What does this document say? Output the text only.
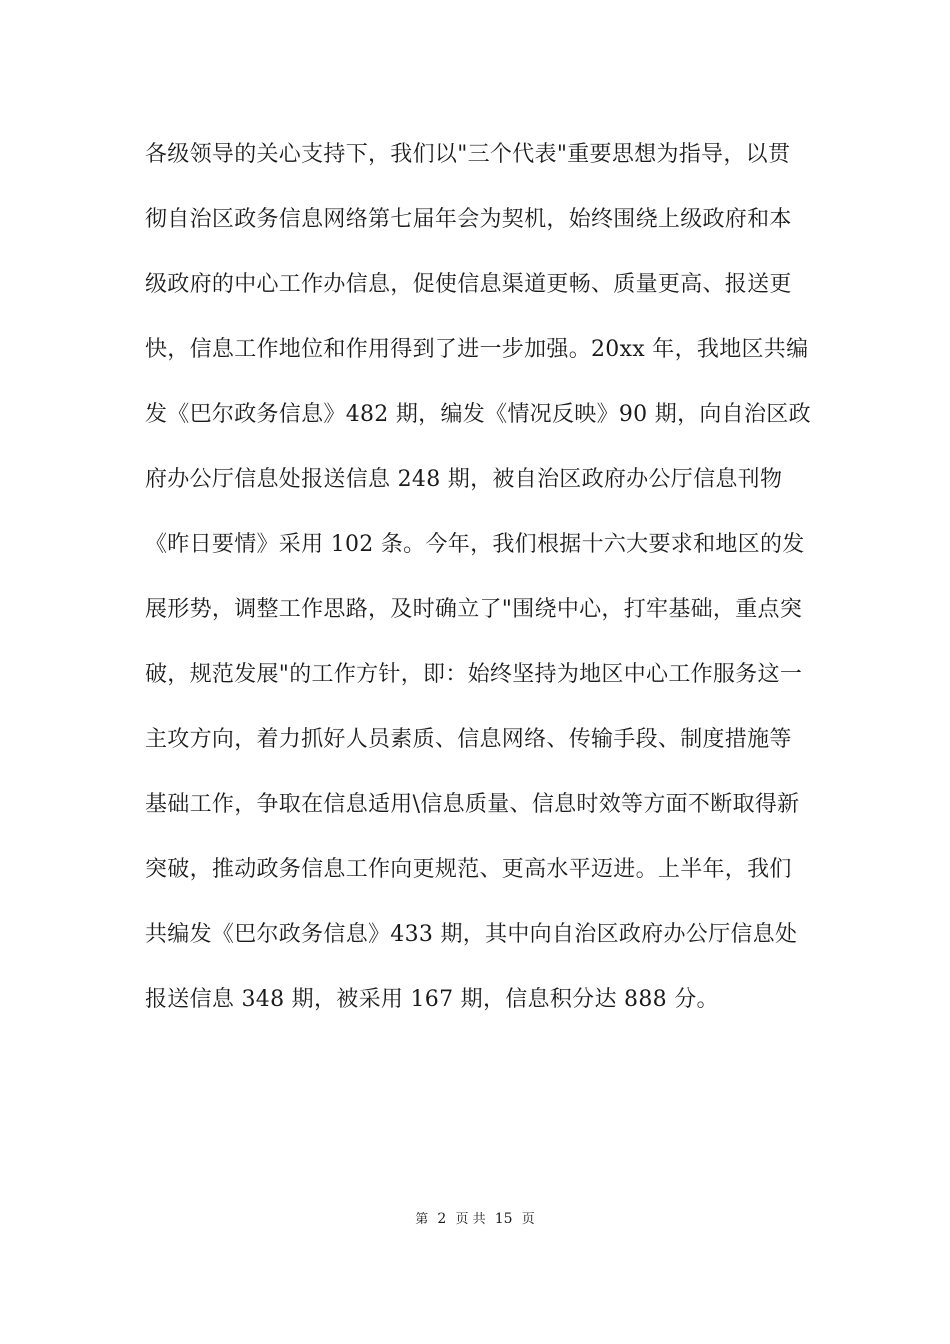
各级领导的关心支持下，我们以"三个代表"重要思想为指导，以贯
彻自治区政务信息网络第七届年会为契机，始终围绕上级政府和本
级政府的中心工作办信息，促使信息渠道更畅、质量更高、报送更
快，信息工作地位和作用得到了进一步加强。20xx 年，我地区共编
发《巴尔政务信息》482 期，编发《情况反映》90 期，向自治区政
府办公厅信息处报送信息 248 期，被自治区政府办公厅信息刊物
《昨日要情》采用 102 条。今年，我们根据十六大要求和地区的发
展形势，调整工作思路，及时确立了"围绕中心，打牢基础，重点突
破，规范发展"的工作方针，即：始终坚持为地区中心工作服务这一
主攻方向，着力抓好人员素质、信息网络、传输手段、制度措施等
基础工作，争取在信息适用\信息质量、信息时效等方面不断取得新
突破，推动政务信息工作向更规范、更高水平迈进。上半年，我们
共编发《巴尔政务信息》433 期，其中向自治区政府办公厅信息处
报送信息 348 期，被采用 167 期，信息积分达 888 分。
第 2 页 共 15 页
